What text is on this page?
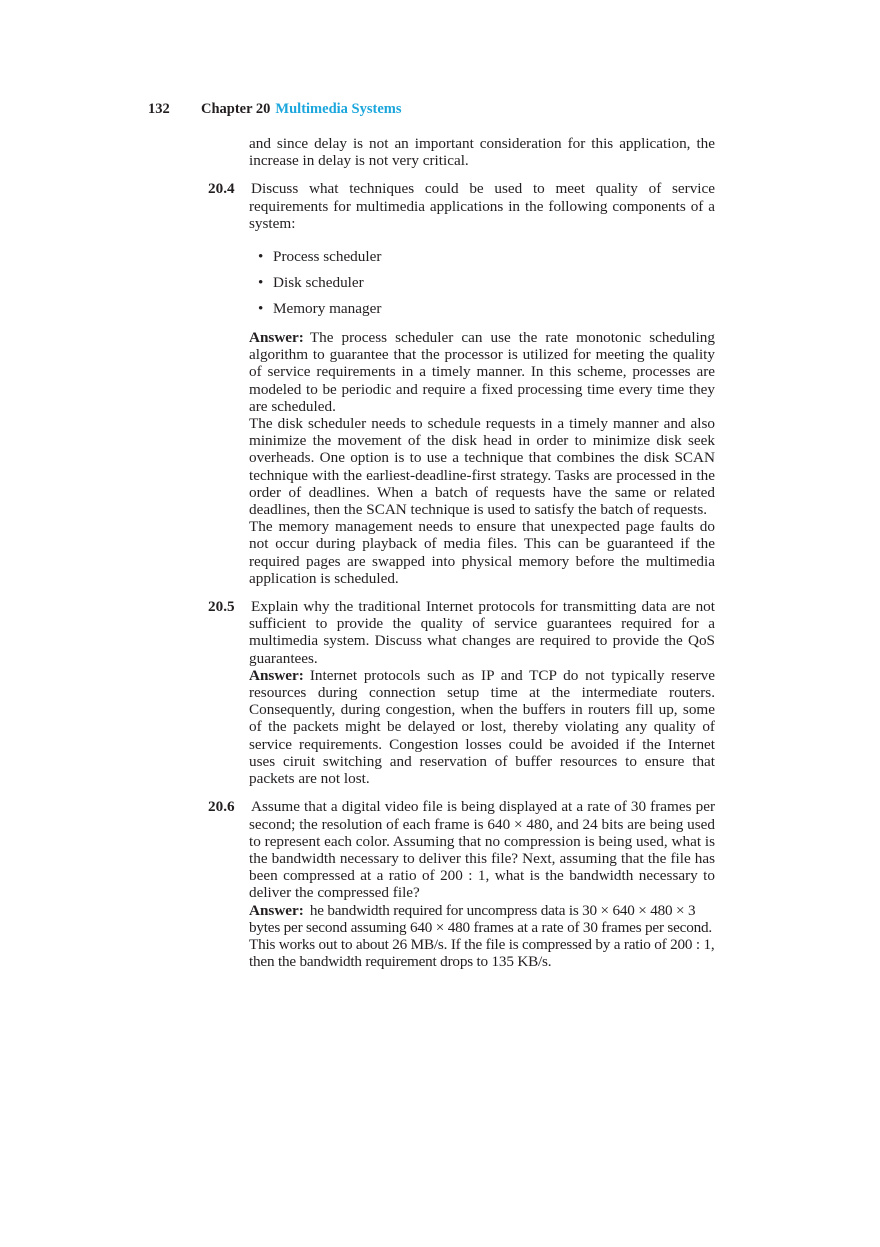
132 Chapter 20 Multimedia Systems

and since delay is not an important consideration for this application, the increase in delay is not very critical.

20.4 Discuss what techniques could be used to meet quality of service requirements for multimedia applications in the following components of a system:

• Process scheduler
• Disk scheduler
• Memory manager

Answer: The process scheduler can use the rate monotonic scheduling algorithm to guarantee that the processor is utilized for meeting the quality of service requirements in a timely manner. In this scheme, processes are modeled to be periodic and require a fixed processing time every time they are scheduled.

The disk scheduler needs to schedule requests in a timely manner and also minimize the movement of the disk head in order to minimize disk seek overheads. One option is to use a technique that combines the disk SCAN technique with the earliest-deadline-first strategy. Tasks are processed in the order of deadlines. When a batch of requests have the same or related deadlines, then the SCAN technique is used to satisfy the batch of requests.

The memory management needs to ensure that unexpected page faults do not occur during playback of media files. This can be guaranteed if the required pages are swapped into physical memory before the multimedia application is scheduled.

20.5 Explain why the traditional Internet protocols for transmitting data are not sufficient to provide the quality of service guarantees required for a multimedia system. Discuss what changes are required to provide the QoS guarantees.

Answer: Internet protocols such as IP and TCP do not typically reserve resources during connection setup time at the intermediate routers. Consequently, during congestion, when the buffers in routers fill up, some of the packets might be delayed or lost, thereby violating any quality of service requirements. Congestion losses could be avoided if the Internet uses ciruit switching and reservation of buffer resources to ensure that packets are not lost.

20.6 Assume that a digital video file is being displayed at a rate of 30 frames per second; the resolution of each frame is 640 × 480, and 24 bits are being used to represent each color. Assuming that no compression is being used, what is the bandwidth necessary to deliver this file? Next, assuming that the file has been compressed at a ratio of 200 : 1, what is the bandwidth necessary to deliver the compressed file?

Answer: he bandwidth required for uncompress data is 30 × 640 × 480 × 3 bytes per second assuming 640 × 480 frames at a rate of 30 frames per second. This works out to about 26 MB/s. If the file is compressed by a ratio of 200 : 1, then the bandwidth requirement drops to 135 KB/s.
